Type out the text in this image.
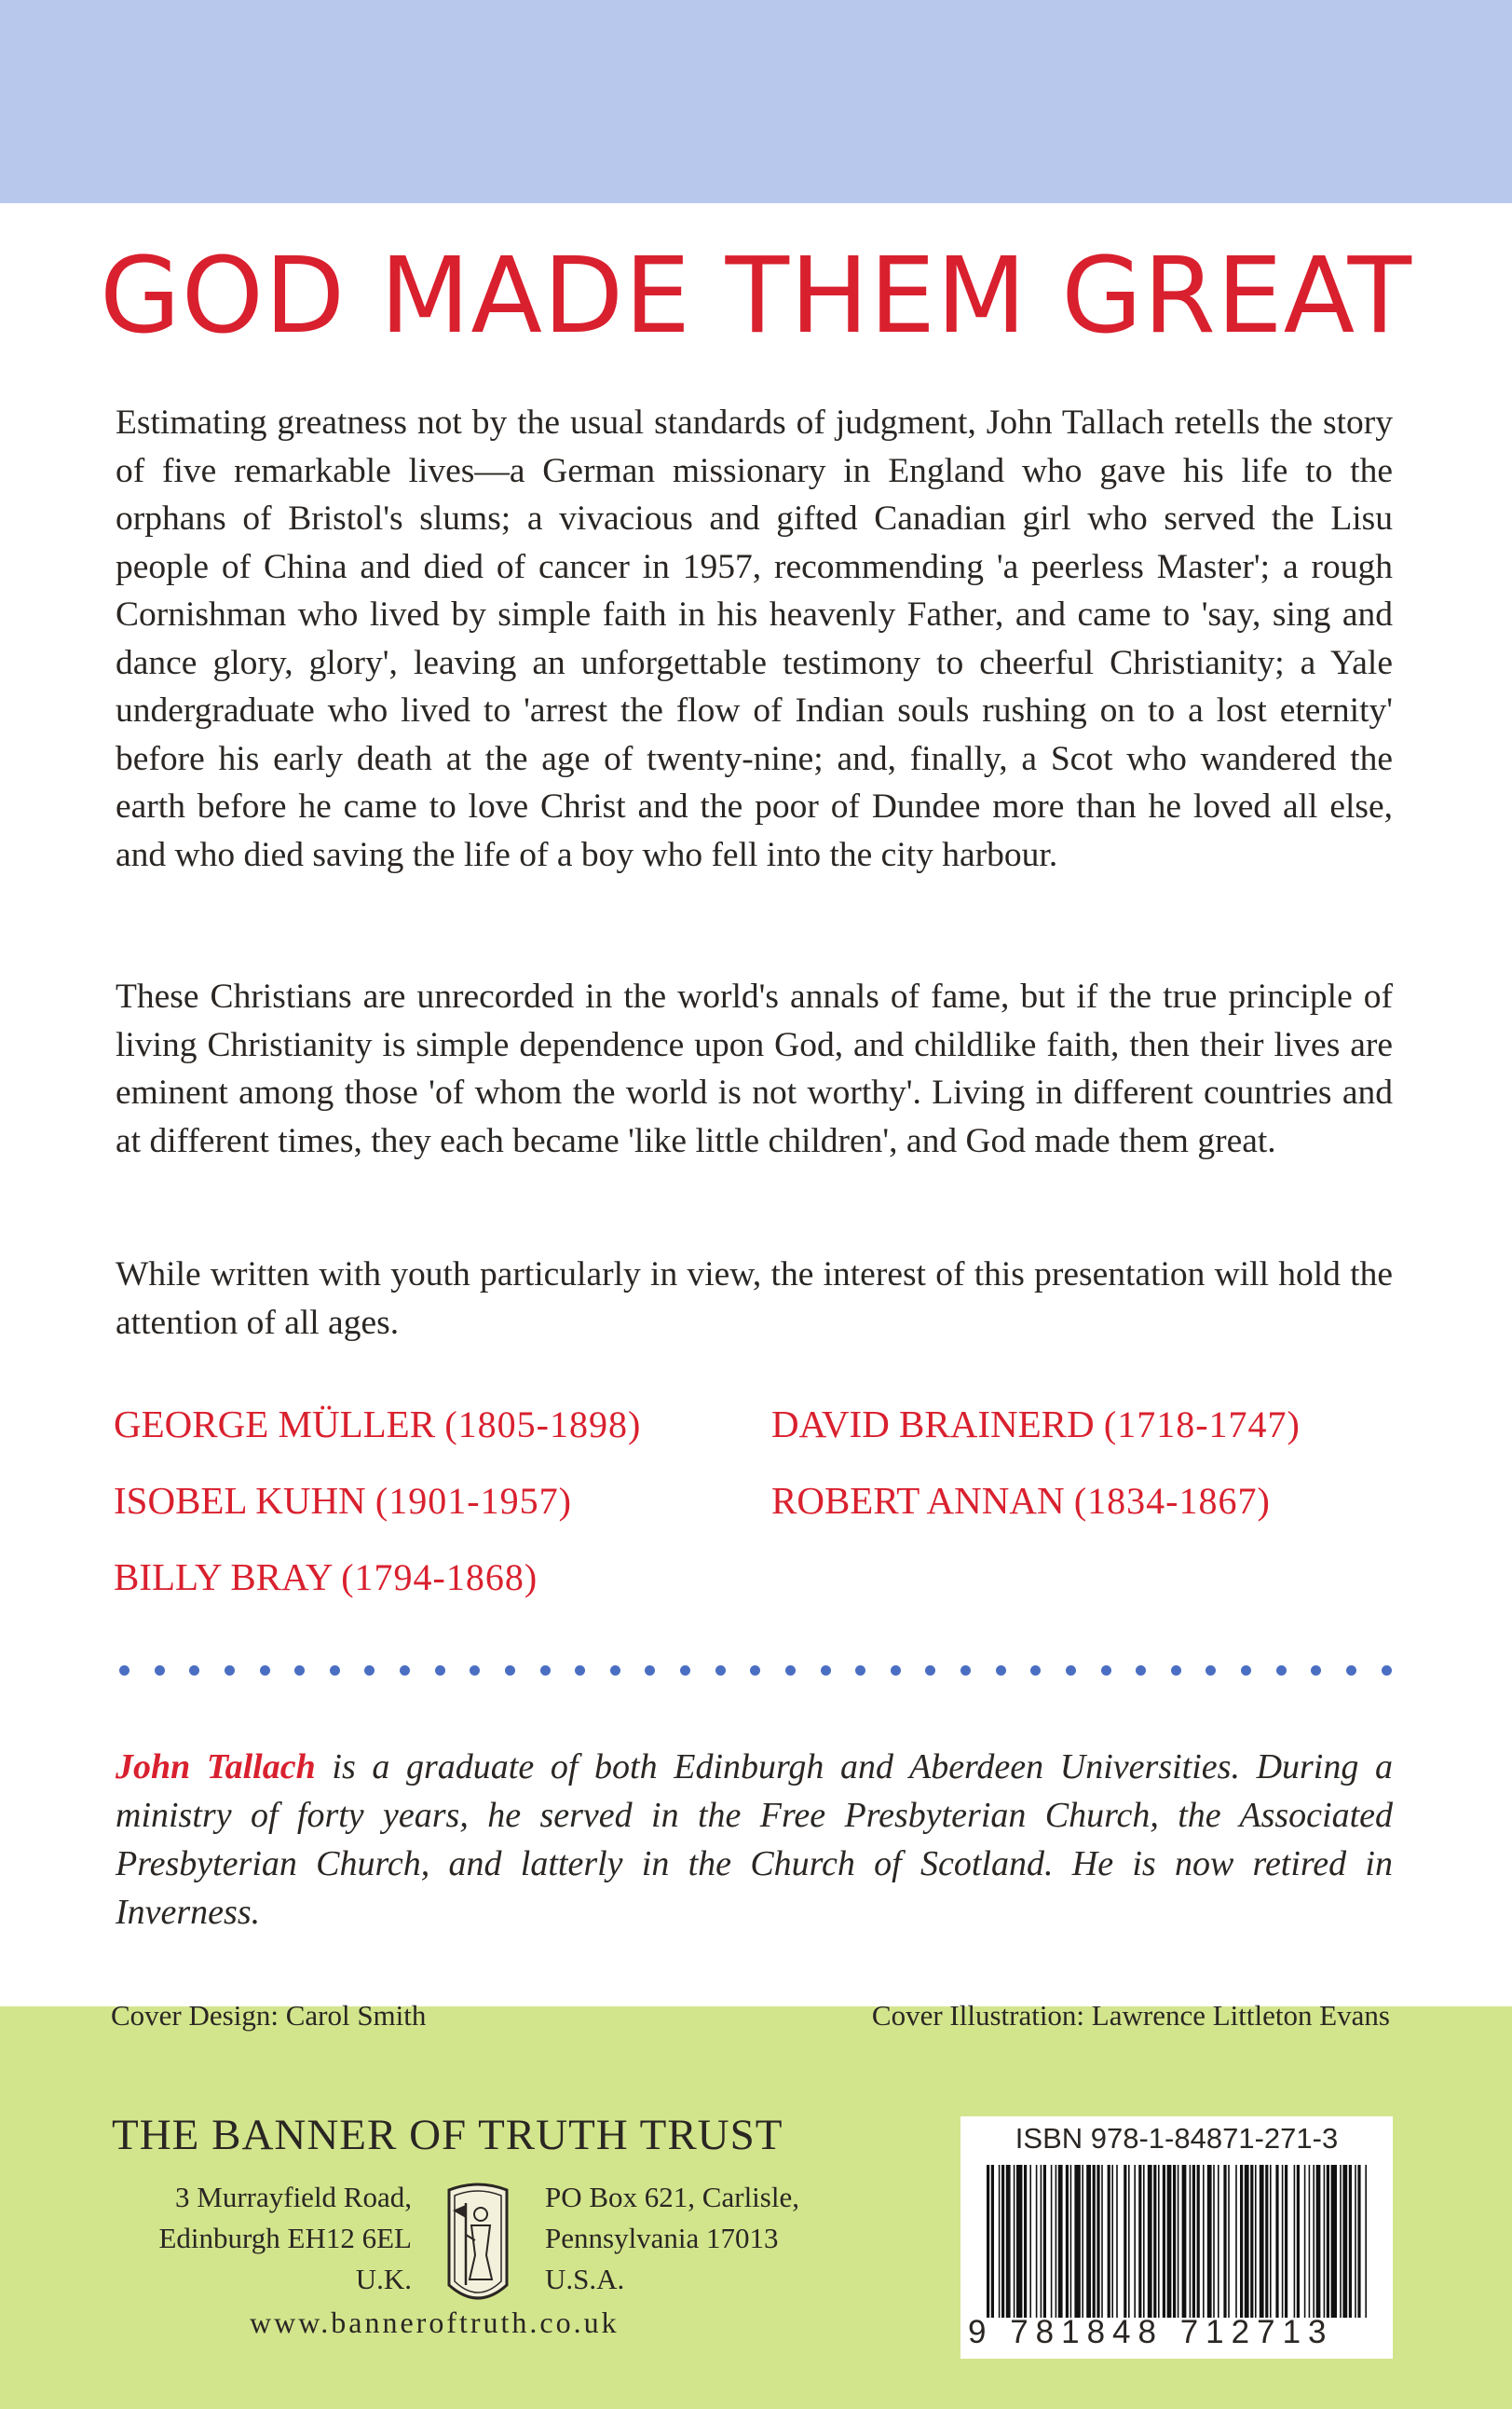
GOD MADE THEM GREAT

Estimating greatness not by the usual standards of judgment, John Tallach retells the story of five remarkable lives—a German missionary in England who gave his life to the orphans of Bristol's slums; a vivacious and gifted Canadian girl who served the Lisu people of China and died of cancer in 1957, recommending 'a peerless Master'; a rough Cornishman who lived by simple faith in his heavenly Father, and came to 'say, sing and dance glory, glory', leaving an unforgettable testimony to cheerful Christianity; a Yale undergraduate who lived to 'arrest the flow of Indian souls rushing on to a lost eternity' before his early death at the age of twenty-nine; and, finally, a Scot who wandered the earth before he came to love Christ and the poor of Dundee more than he loved all else, and who died saving the life of a boy who fell into the city harbour.

These Christians are unrecorded in the world's annals of fame, but if the true principle of living Christianity is simple dependence upon God, and childlike faith, then their lives are eminent among those 'of whom the world is not worthy'. Living in different countries and at different times, they each became 'like little children', and God made them great.

While written with youth particularly in view, the interest of this presentation will hold the attention of all ages.

GEORGE MÜLLER (1805-1898)	DAVID BRAINERD (1718-1747)
ISOBEL KUHN (1901-1957)	ROBERT ANNAN (1834-1867)
BILLY BRAY (1794-1868)

John Tallach is a graduate of both Edinburgh and Aberdeen Universities. During a ministry of forty years, he served in the Free Presbyterian Church, the Associated Presbyterian Church, and latterly in the Church of Scotland. He is now retired in Inverness.

Cover Design: Carol Smith	Cover Illustration: Lawrence Littleton Evans
THE BANNER OF TRUTH TRUST
3 Murrayfield Road,
Edinburgh EH12 6EL
U.K.
PO Box 621, Carlisle,
Pennsylvania 17013
U.S.A.
www.banneroftruth.co.uk
ISBN 978-1-84871-271-3
9 781848 712713
